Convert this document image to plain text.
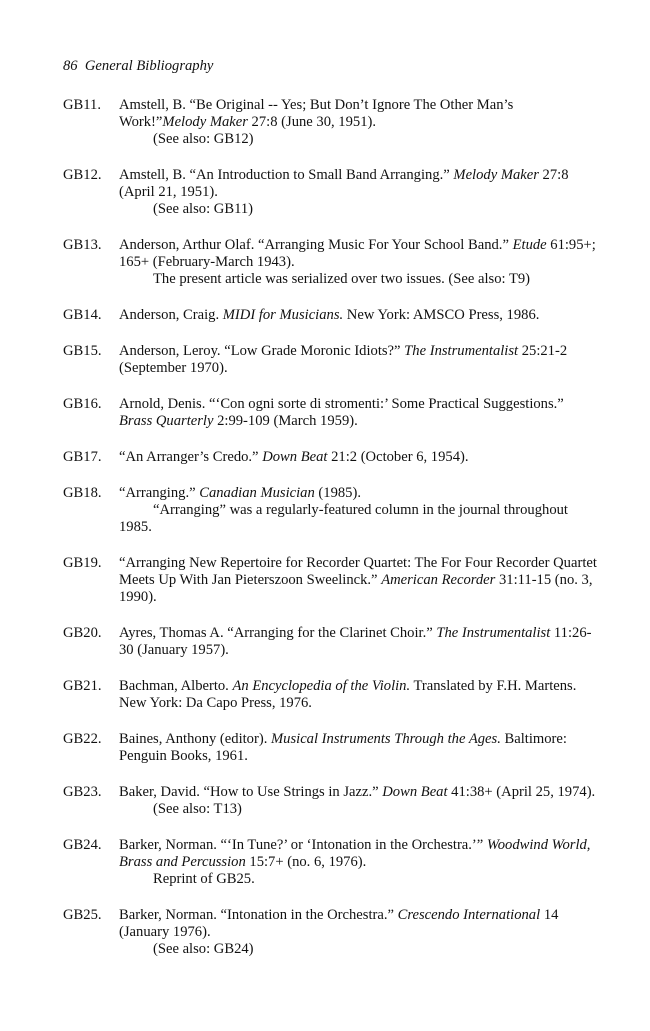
86 General Bibliography
GB11.	Amstell, B. “Be Original -- Yes; But Don’t Ignore The Other Man’s Work!”Melody Maker 27:8 (June 30, 1951).
(See also: GB12)
GB12.	Amstell, B. “An Introduction to Small Band Arranging.” Melody Maker 27:8 (April 21, 1951).
(See also: GB11)
GB13.	Anderson, Arthur Olaf. “Arranging Music For Your School Band.” Etude 61:95+; 165+ (February-March 1943).
The present article was serialized over two issues. (See also: T9)
GB14.	Anderson, Craig. MIDI for Musicians. New York: AMSCO Press, 1986.
GB15.	Anderson, Leroy. “Low Grade Moronic Idiots?” The Instrumentalist 25:21-2 (September 1970).
GB16.	Arnold, Denis. “‘Con ogni sorte di stromenti:’ Some Practical Suggestions.” Brass Quarterly 2:99-109 (March 1959).
GB17.	“An Arranger’s Credo.” Down Beat 21:2 (October 6, 1954).
GB18.	“Arranging.” Canadian Musician (1985).
“Arranging” was a regularly-featured column in the journal throughout 1985.
GB19.	“Arranging New Repertoire for Recorder Quartet: The For Four Recorder Quartet Meets Up With Jan Pieterszoon Sweelinck.” American Recorder 31:11-15 (no. 3, 1990).
GB20.	Ayres, Thomas A. “Arranging for the Clarinet Choir.” The Instrumentalist 11:26-30 (January 1957).
GB21.	Bachman, Alberto. An Encyclopedia of the Violin. Translated by F.H. Martens. New York: Da Capo Press, 1976.
GB22.	Baines, Anthony (editor). Musical Instruments Through the Ages. Baltimore: Penguin Books, 1961.
GB23.	Baker, David. “How to Use Strings in Jazz.” Down Beat 41:38+ (April 25, 1974).
(See also: T13)
GB24.	Barker, Norman. “‘In Tune?’ or ‘Intonation in the Orchestra.’” Woodwind World, Brass and Percussion 15:7+ (no. 6, 1976).
Reprint of GB25.
GB25.	Barker, Norman. “Intonation in the Orchestra.” Crescendo International 14 (January 1976).
(See also: GB24)
